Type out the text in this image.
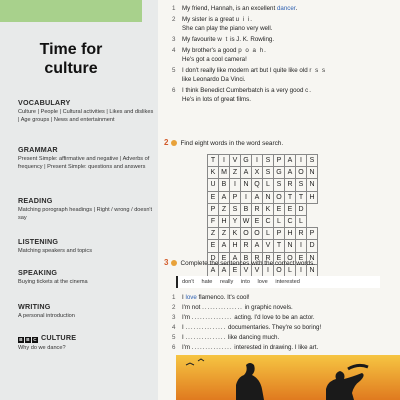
Time for
culture
VOCABULARY
Culture | People | Cultural activities | Likes and dislikes | Age groups | News and entertainment
GRAMMAR
Present Simple: affirmative and negative | Adverbs of frequency | Present Simple: questions and answers
READING
Matching porograph headings | Right / wrong / doesn't say
LISTENING
Matching speakers and topics
SPEAKING
Buying tickets at the cinema
WRITING
A personal introduction
B B C CULTURE
Why do we dance?
1 My friend, Hannah, is an excellent dancer.
2 My sister is a great u i i.
She can play the piano very well.
3 My favourite w t is J. K. Rowling.
4 My brother's a good p o a h.
He's got a cool camera!
5 I don't really like modern art but I quite like old r s s
like Leonardo Da Vinci.
6 I think Benedict Cumberbatch is a very good c.
He's in lots of great films.
2 Find eight words in the word search.
T	I	V	G	I	S	P	A	I	S
K	M	Z	A	X	S	G	A	O	N
U	B	I	N	Q	L	S	R	S	N
E	A	P	I	A	N	O	T	T	H
P	Z	S	B	R	K	E	E	D	
F	H	Y	W	E	C	L	C	L	
Z	Z	K	O	O	L	P	H	R	P
E	A	H	R	A	V	T	N	I	D
D	E	A	B	R	R	E	O	E	N
A	A	E	V	V	I	O	L	I	N
3 Complete the sentences with the correct words.
don't hate really into love interested
1 I love flamenco. It's cool!
2 I'm not ............... in graphic novels.
3 I'm ............... acting. I'd love to be an actor.
4 I ............... documentaries. They're so boring!
5 I ............... like dancing much.
6 I'm ............... interested in drawing. I like art.
